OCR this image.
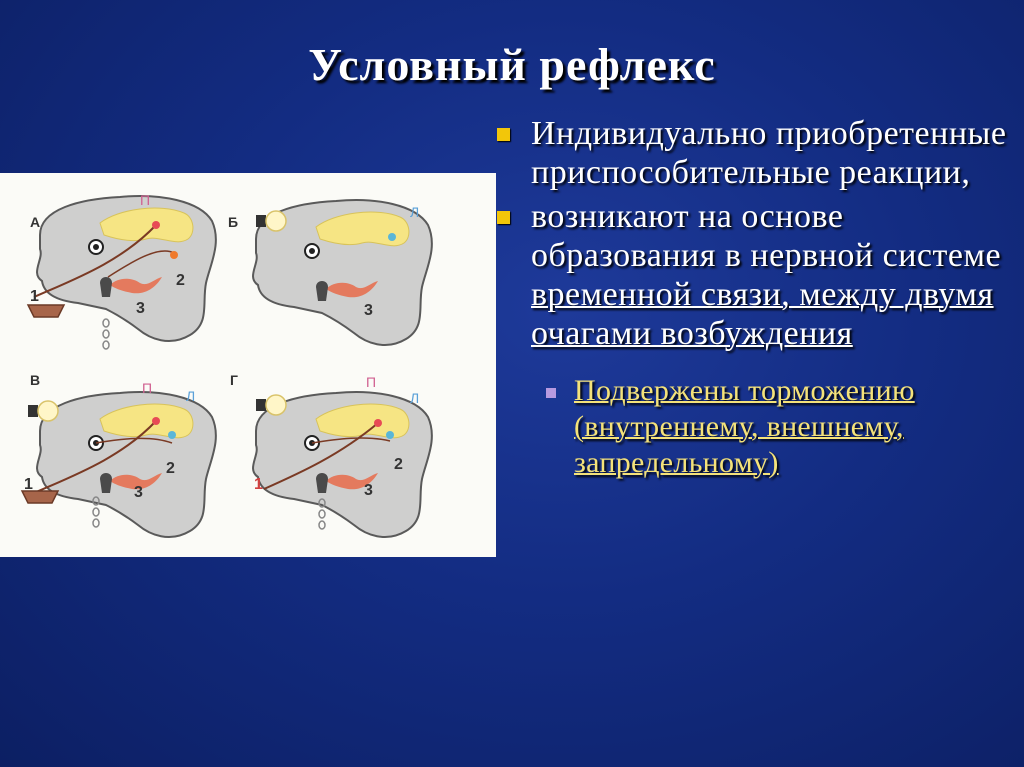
Условный рефлекс
А
П
1
2
3
Б
Л
3
В	П Л
1
2
3
Г	П
Л
1
2
3
Индивидуально приобретенные приспособительные реакции,
возникают на основе образования в нервной системе временной связи, между двумя очагами возбуждения
Подвержены торможению (внутреннему, внешнему, запредельному)
